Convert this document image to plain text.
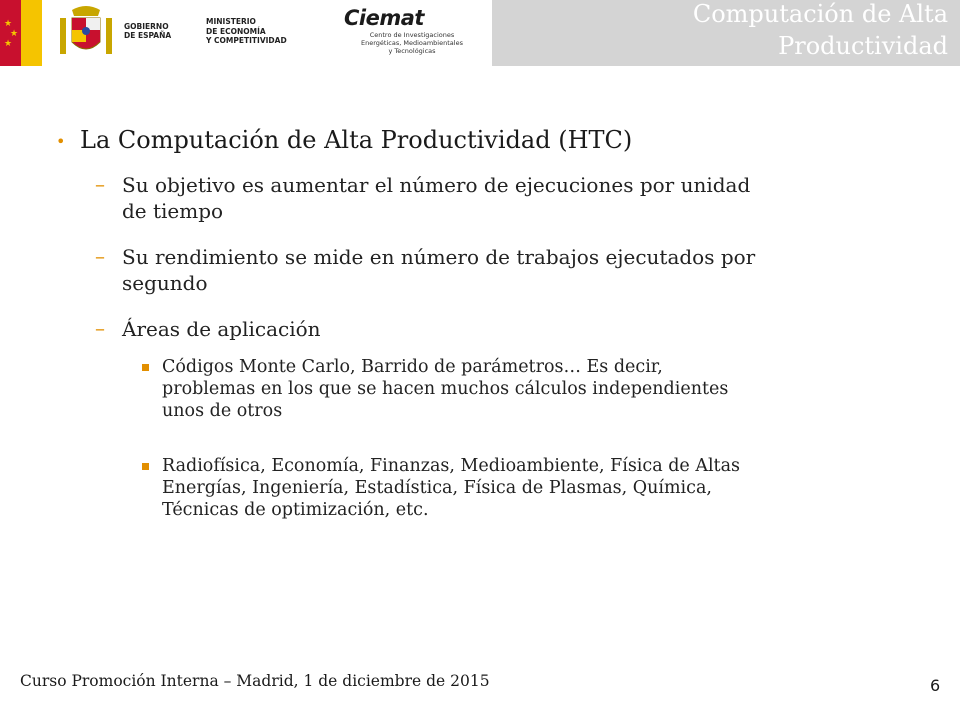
★
★
★
GOBIERNO
DE ESPAÑA
MINISTERIO
DE ECONOMÍA
Y COMPETITIVIDAD
Ciemat
Centro de Investigaciones
Energéticas, Medioambientales
y Tecnológicas
Computación de Alta
Productividad
• La Computación de Alta Productividad (HTC)
– Su objetivo es aumentar el número de ejecuciones por unidad
de tiempo
– Su rendimiento se mide en número de trabajos ejecutados por
segundo
– Áreas de aplicación
Códigos Monte Carlo, Barrido de parámetros… Es decir,
problemas en los que se hacen muchos cálculos independientes
unos de otros
Radiofísica, Economía, Finanzas, Medioambiente, Física de Altas
Energías, Ingeniería, Estadística, Física de Plasmas, Química,
Técnicas de optimización, etc.
Curso Promoción Interna – Madrid, 1 de diciembre de 2015	6
